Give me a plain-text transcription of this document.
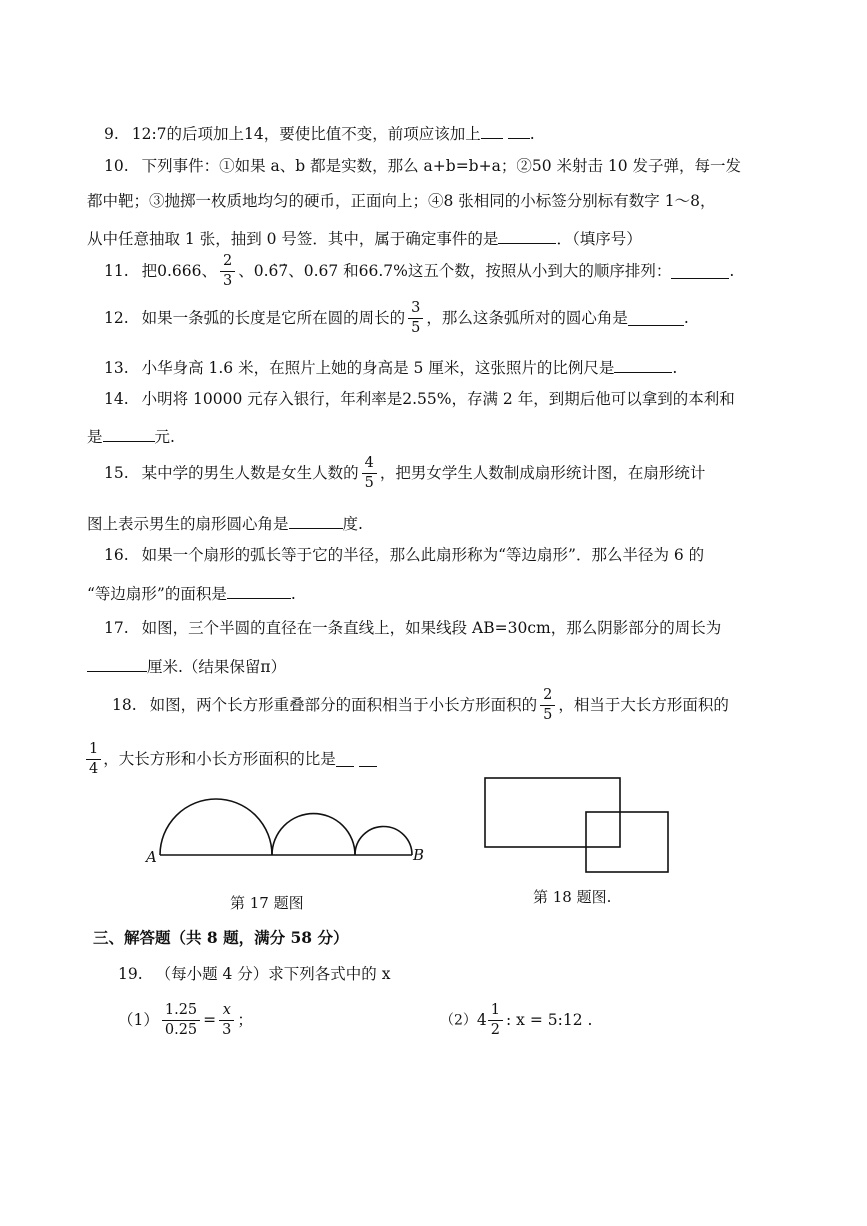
9. 12:7的后项加上14，要使比值不变，前项应该加上	.
10. 下列事件：①如果 a、b 都是实数，那么 a+b=b+a；②50 米射击 10 发子弹，每一发
都中靶；③抛掷一枚质地均匀的硬币，正面向上；④8 张相同的小标签分别标有数字 1～8，
从中任意抽取 1 张，抽到 0 号签．其中，属于确定事件的是	．（填序号）
11. 把0.666、 $\frac{2}{3}$ 、0.6̇7̇、0.67 和66.7%这五个数，按照从小到大的顺序排列：	.
12. 如果一条弧的长度是它所在圆的周长的 $\frac{3}{5}$ ，那么这条弧所对的圆心角是	.
13. 小华身高 1.6 米，在照片上她的身高是 5 厘米，这张照片的比例尺是	.
14. 小明将 10000 元存入银行，年利率是2.55%，存满 2 年，到期后他可以拿到的本利和
是	元.
15. 某中学的男生人数是女生人数的 $\frac{4}{5}$ ，把男女学生人数制成扇形统计图，在扇形统计
图上表示男生的扇形圆心角是	度.
16. 如果一个扇形的弧长等于它的半径，那么此扇形称为“等边扇形”．那么半径为 6 的
“等边扇形”的面积是	.
17. 如图，三个半圆的直径在一条直线上，如果线段 AB=30cm，那么阴影部分的周长为
厘米.（结果保留π）
18. 如图，两个长方形重叠部分的面积相当于小长方形面积的 $\frac{2}{5}$ ，相当于大长方形面积的
$\frac{1}{4}$ ，大长方形和小长方形面积的比是
A	B
第 17 题图	第 18 题图.
三、解答题（共 8 题，满分 58 分）
19. （每小题 4 分）求下列各式中的 x
$(1) \frac{1.25}{0.25} = \frac{x}{3}$ ；	$(2)4 \frac{1}{2}$ : x = 5:12 .
